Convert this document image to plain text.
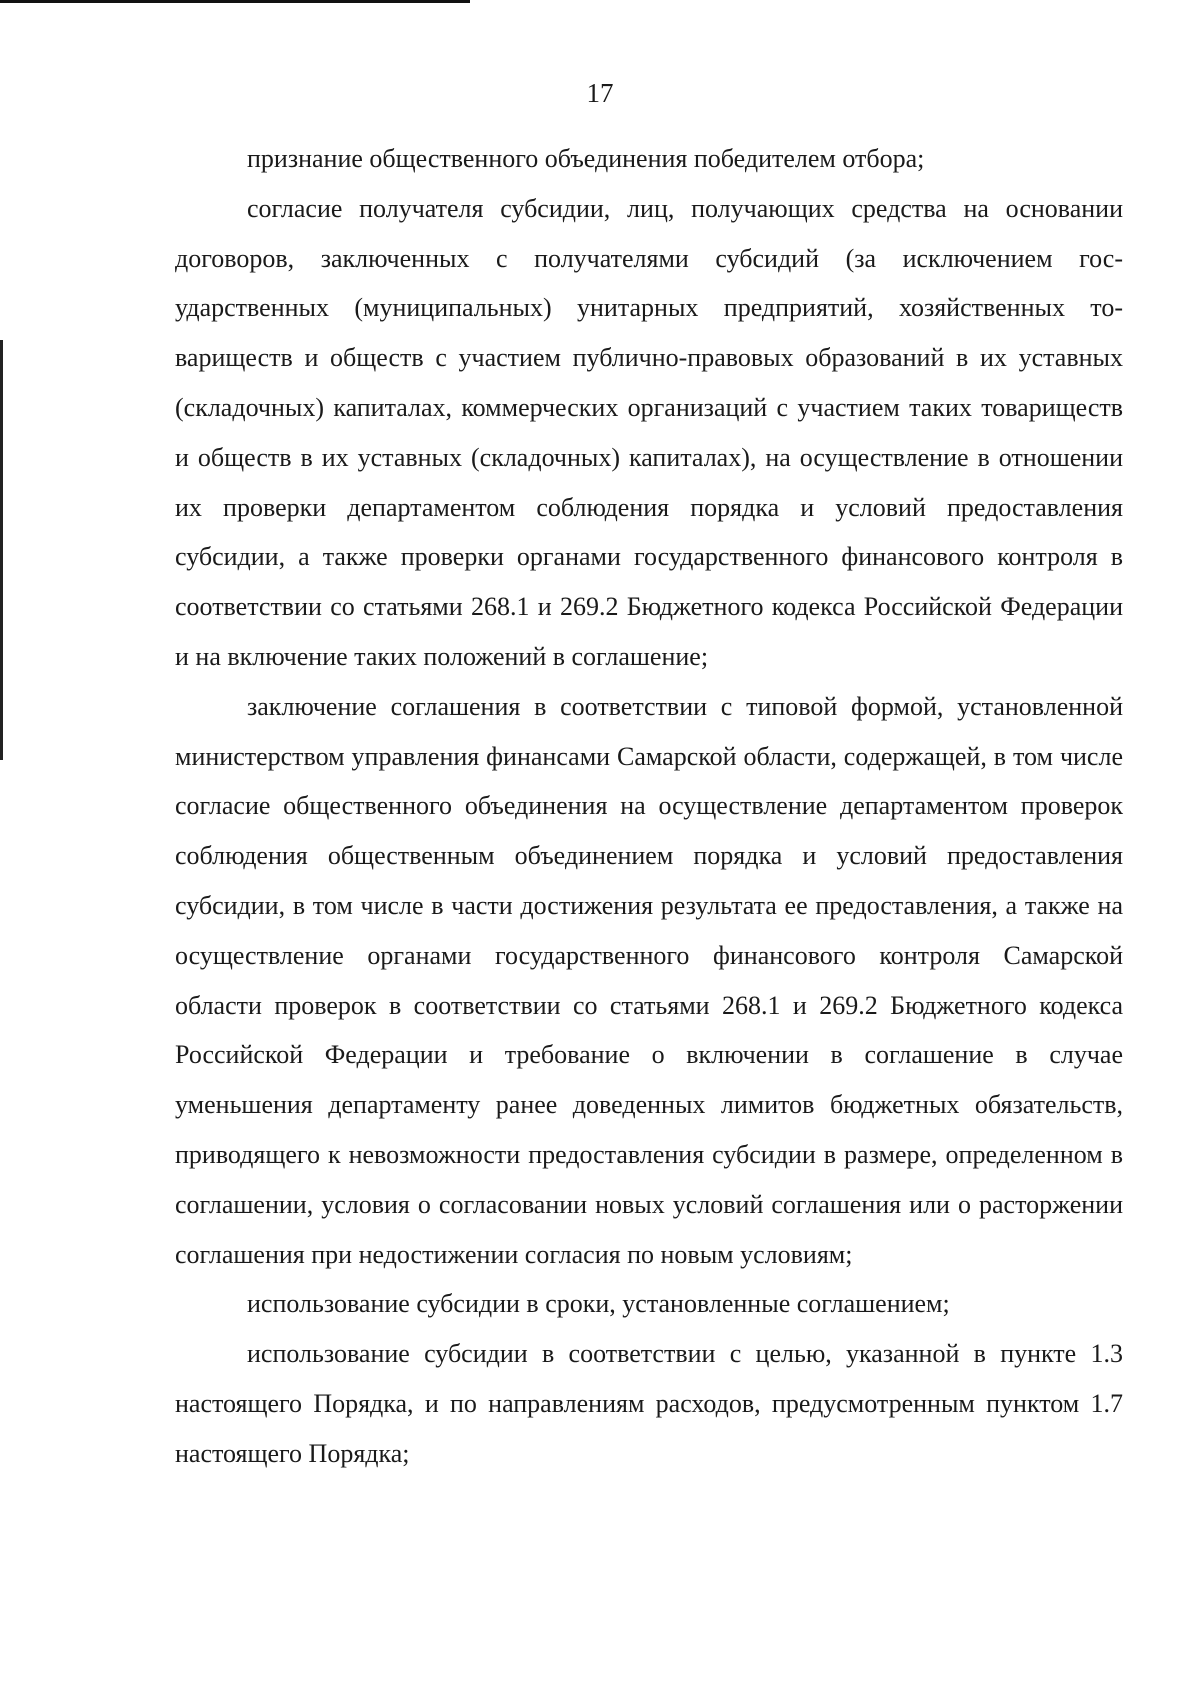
17

признание общественного объединения победителем отбора;

согласие получателя субсидии, лиц, получающих средства на основании договоров, заключенных с получателями субсидий (за исключением государственных (муниципальных) унитарных предприятий, хозяйственных товариществ и обществ с участием публично-правовых образований в их уставных (складочных) капиталах, коммерческих организаций с участием таких товариществ и обществ в их уставных (складочных) капиталах), на осуществление в отношении их проверки департаментом соблюдения порядка и условий предоставления субсидии, а также проверки органами государственного финансового контроля в соответствии со статьями 268.1 и 269.2 Бюджетного кодекса Российской Федерации и на включение таких положений в соглашение;

заключение соглашения в соответствии с типовой формой, установленной министерством управления финансами Самарской области, содержащей, в том числе согласие общественного объединения на осуществление департаментом проверок соблюдения общественным объединением порядка и условий предоставления субсидии, в том числе в части достижения результата ее предоставления, а также на осуществление органами государственного финансового контроля Самарской области проверок в соответствии со статьями 268.1 и 269.2 Бюджетного кодекса Российской Федерации и требование о включении в соглашение в случае уменьшения департаменту ранее доведенных лимитов бюджетных обязательств, приводящего к невозможности предоставления субсидии в размере, определенном в соглашении, условия о согласовании новых условий соглашения или о расторжении соглашения при недостижении согласия по новым условиям;

использование субсидии в сроки, установленные соглашением;

использование субсидии в соответствии с целью, указанной в пункте 1.3 настоящего Порядка, и по направлениям расходов, предусмотренным пунктом 1.7 настоящего Порядка;
